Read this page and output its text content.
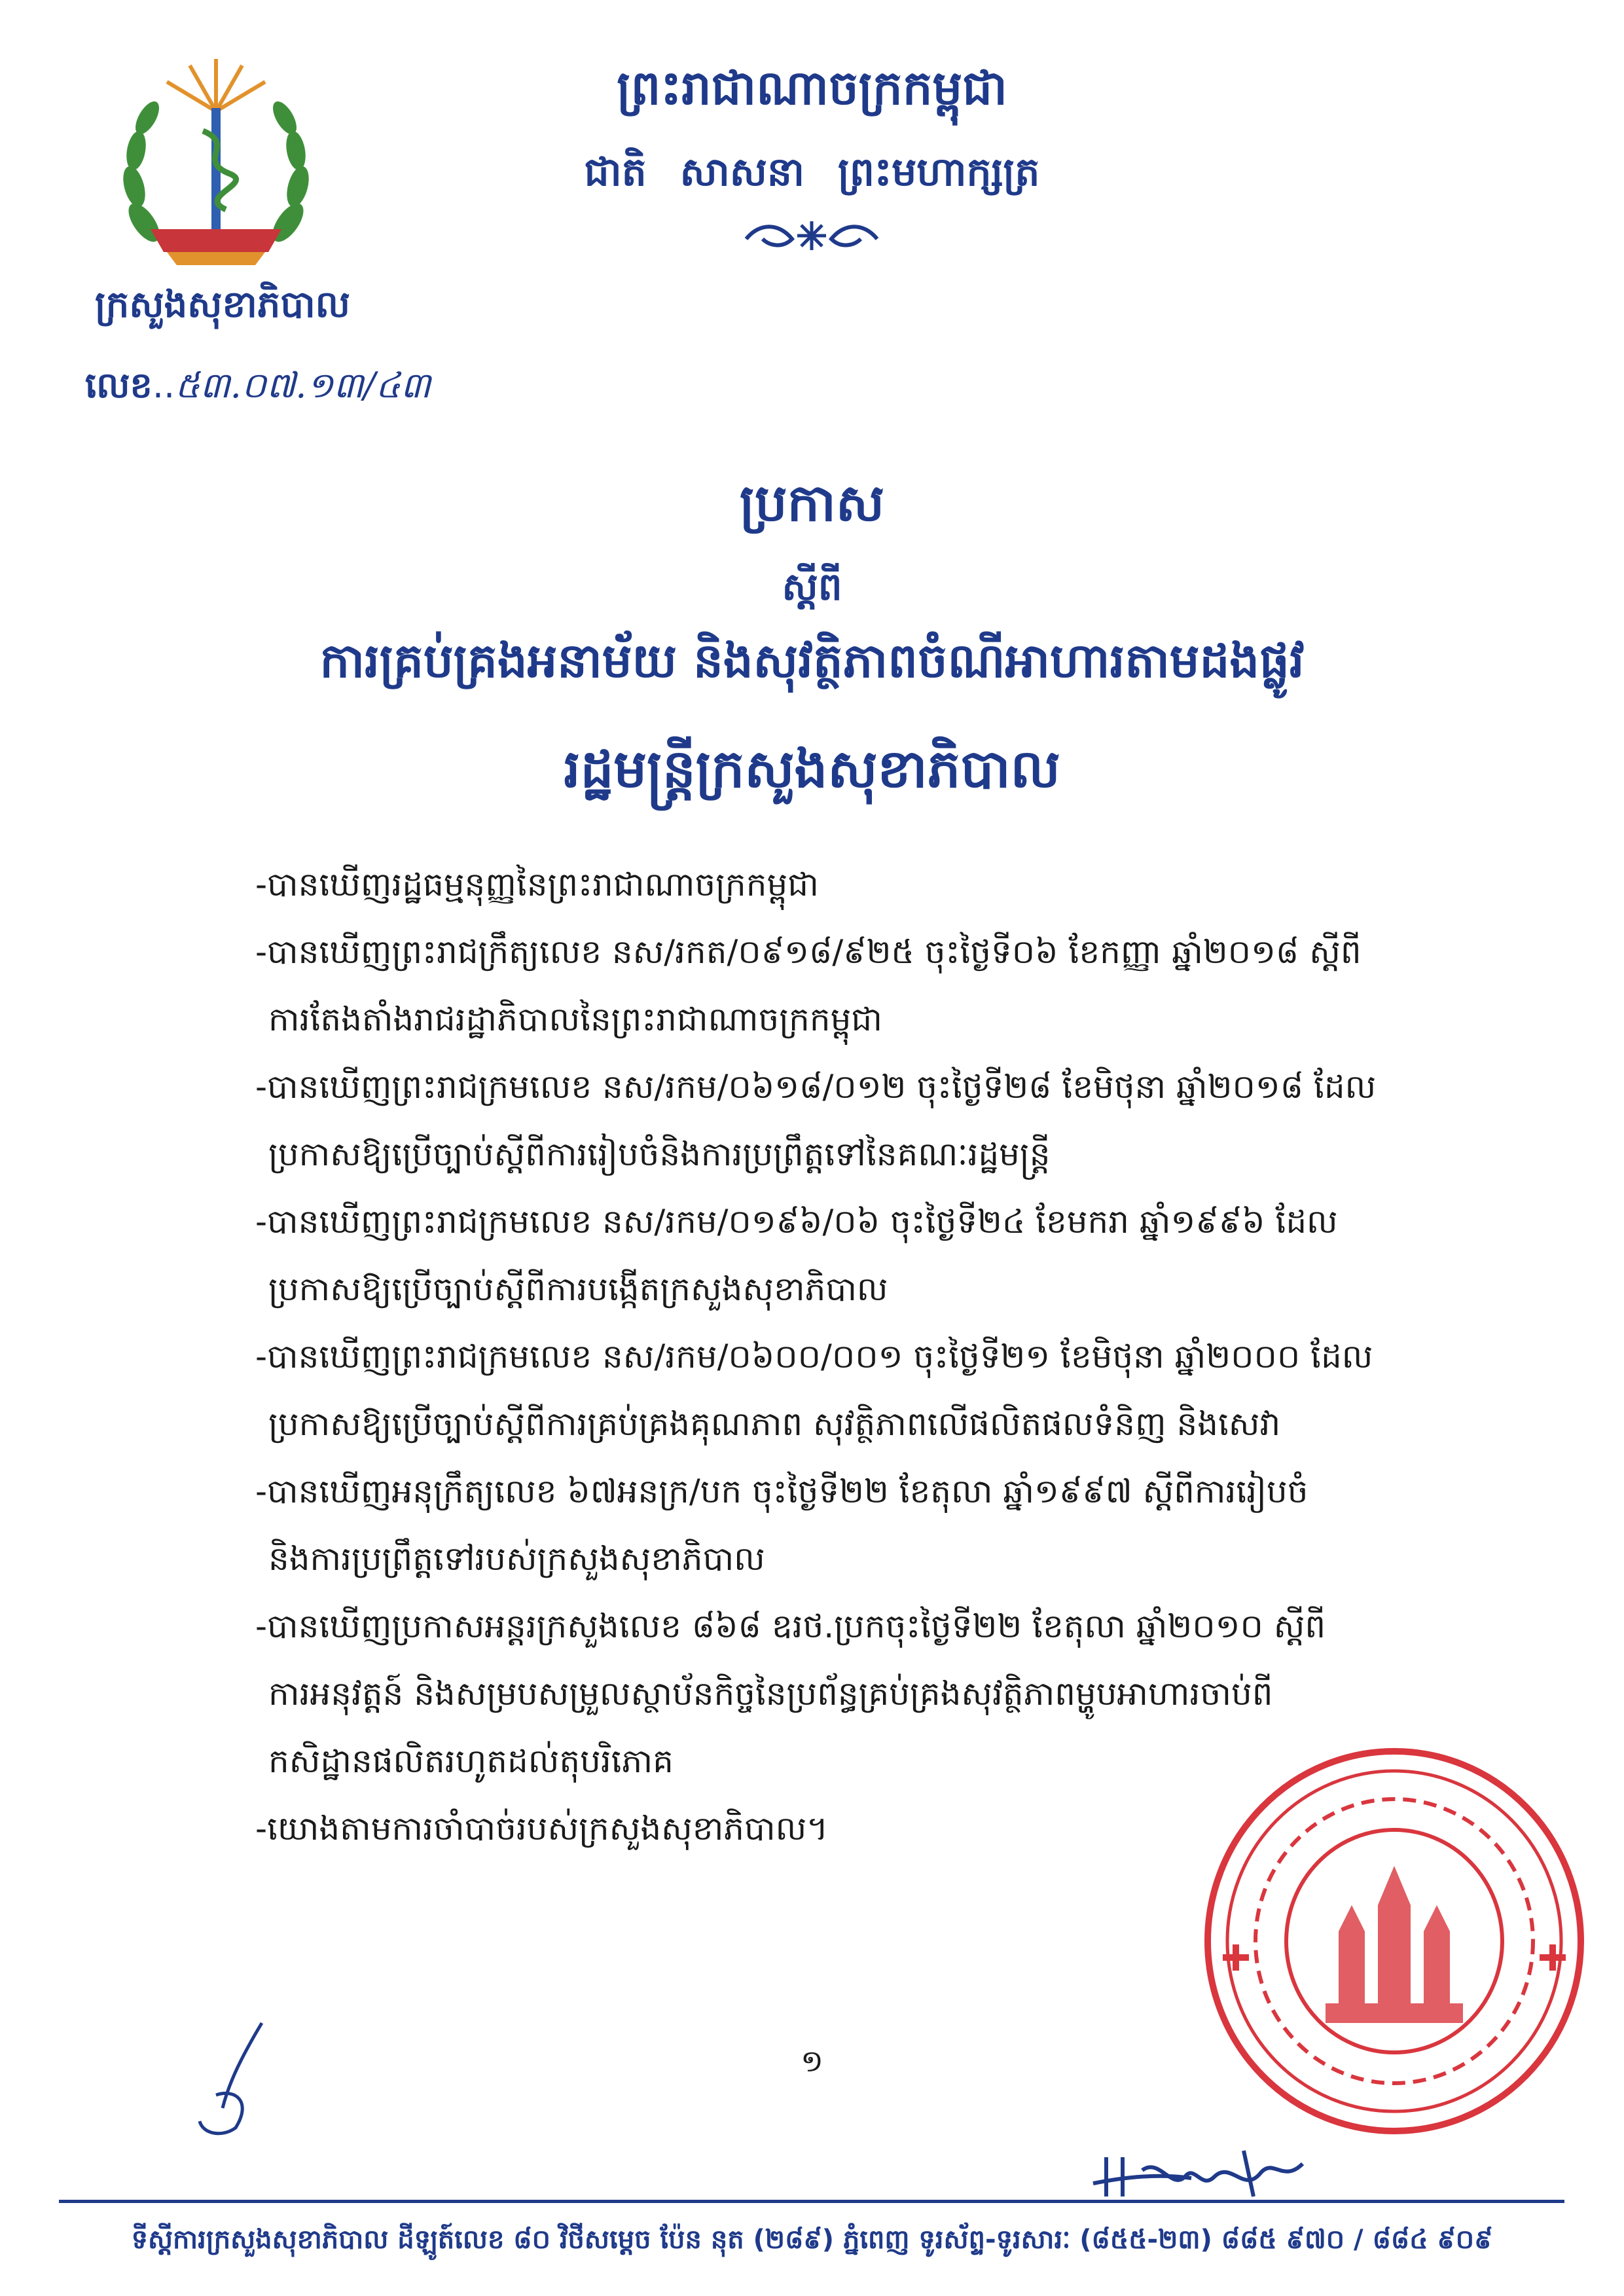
ក្រសួងសុខាភិបាល
លេខ..៥៣.០៧.១៣/៤៣
ព្រះរាជាណាចក្រកម្ពុជា
ជាតិ សាសនា ព្រះមហាក្សត្រ
ប្រកាស
ស្តីពី
ការគ្រប់គ្រងអនាម័យ និងសុវត្ថិភាពចំណីអាហារតាមដងផ្លូវ
រដ្ឋមន្ត្រីក្រសួងសុខាភិបាល

-បានឃើញរដ្ឋធម្មនុញ្ញនៃព្រះរាជាណាចក្រកម្ពុជា

-បានឃើញព្រះរាជក្រឹត្យលេខ នស/រកត/០៩១៨/៩២៥ ចុះថ្ងៃទី០៦ ខែកញ្ញា ឆ្នាំ២០១៨ ស្តីពី
ការតែងតាំងរាជរដ្ឋាភិបាលនៃព្រះរាជាណាចក្រកម្ពុជា

-បានឃើញព្រះរាជក្រមលេខ នស/រកម/០៦១៨/០១២ ចុះថ្ងៃទី២៨ ខែមិថុនា ឆ្នាំ២០១៨ ដែល
ប្រកាសឱ្យប្រើច្បាប់ស្តីពីការរៀបចំនិងការប្រព្រឹត្តទៅនៃគណៈរដ្ឋមន្ត្រី

-បានឃើញព្រះរាជក្រមលេខ នស/រកម/០១៩៦/០៦ ចុះថ្ងៃទី២៤ ខែមករា ឆ្នាំ១៩៩៦ ដែល
ប្រកាសឱ្យប្រើច្បាប់ស្តីពីការបង្កើតក្រសួងសុខាភិបាល

-បានឃើញព្រះរាជក្រមលេខ នស/រកម/០៦០០/០០១ ចុះថ្ងៃទី២១ ខែមិថុនា ឆ្នាំ២០០០ ដែល
ប្រកាសឱ្យប្រើច្បាប់ស្តីពីការគ្រប់គ្រងគុណភាព សុវត្ថិភាពលើផលិតផលទំនិញ និងសេវា

-បានឃើញអនុក្រឹត្យលេខ ៦៧អនក្រ/បក ចុះថ្ងៃទី២២ ខែតុលា ឆ្នាំ១៩៩៧ ស្តីពីការរៀបចំ
និងការប្រព្រឹត្តទៅរបស់ក្រសួងសុខាភិបាល

-បានឃើញប្រកាសអន្តរក្រសួងលេខ ៨៦៨ ឧរថ.ប្រកចុះថ្ងៃទី២២ ខែតុលា ឆ្នាំ២០១០ ស្តីពី
ការអនុវត្តន៍ និងសម្របសម្រួលស្ថាប័នកិច្ចនៃប្រព័ន្ធគ្រប់គ្រងសុវត្ថិភាពម្ហូបអាហារចាប់ពី
កសិដ្ឋានផលិតរហូតដល់តុបរិភោគ

-យោងតាមការចាំបាច់របស់ក្រសួងសុខាភិបាល។

១
ទីស្តីការក្រសួងសុខាភិបាល ដីឡូត៍លេខ ៨០ វិថីសម្តេច ប៉ែន នុត (២៨៩) ភ្នំពេញ ទូរស័ព្ទ-ទូរសារៈ (៨៥៥-២៣) ៨៨៥ ៩៧០ / ៨៨៤ ៩០៩
